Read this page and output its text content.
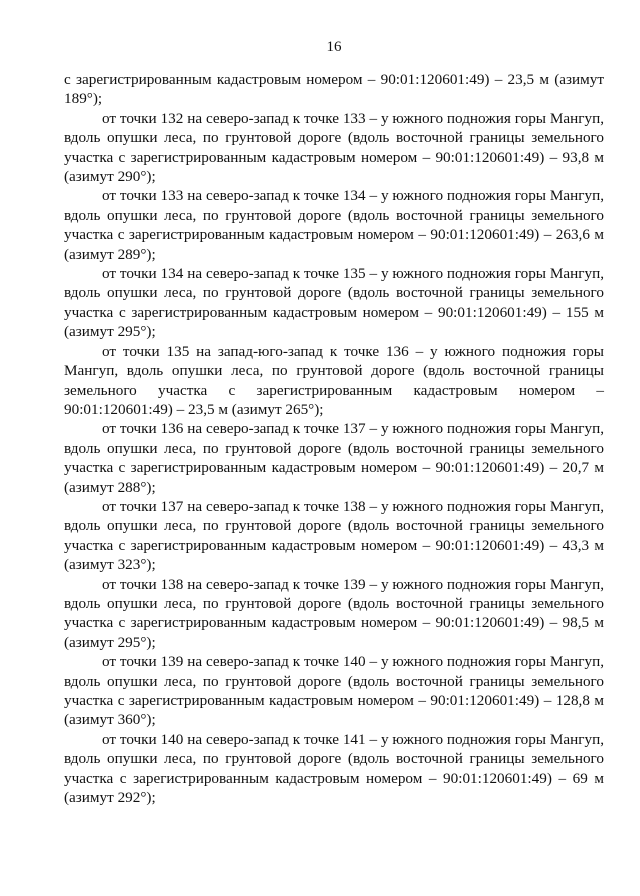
16

с зарегистрированным кадастровым номером – 90:01:120601:49) – 23,5 м (азимут 189°);

от точки 132 на северо-запад к точке 133 – у южного подножия горы Мангуп, вдоль опушки леса, по грунтовой дороге (вдоль восточной границы земельного участка с зарегистрированным кадастровым номером – 90:01:120601:49) – 93,8 м (азимут 290°);

от точки 133 на северо-запад к точке 134 – у южного подножия горы Мангуп, вдоль опушки леса, по грунтовой дороге (вдоль восточной границы земельного участка с зарегистрированным кадастровым номером – 90:01:120601:49) – 263,6 м (азимут 289°);

от точки 134 на северо-запад к точке 135 – у южного подножия горы Мангуп, вдоль опушки леса, по грунтовой дороге (вдоль восточной границы земельного участка с зарегистрированным кадастровым номером – 90:01:120601:49) – 155 м (азимут 295°);

от точки 135 на запад-юго-запад к точке 136 – у южного подножия горы Мангуп, вдоль опушки леса, по грунтовой дороге (вдоль восточной границы земельного участка с зарегистрированным кадастровым номером – 90:01:120601:49) – 23,5 м (азимут 265°);

от точки 136 на северо-запад к точке 137 – у южного подножия горы Мангуп, вдоль опушки леса, по грунтовой дороге (вдоль восточной границы земельного участка с зарегистрированным кадастровым номером – 90:01:120601:49) – 20,7 м (азимут 288°);

от точки 137 на северо-запад к точке 138 – у южного подножия горы Мангуп, вдоль опушки леса, по грунтовой дороге (вдоль восточной границы земельного участка с зарегистрированным кадастровым номером – 90:01:120601:49) – 43,3 м (азимут 323°);

от точки 138 на северо-запад к точке 139 – у южного подножия горы Мангуп, вдоль опушки леса, по грунтовой дороге (вдоль восточной границы земельного участка с зарегистрированным кадастровым номером – 90:01:120601:49) – 98,5 м (азимут 295°);

от точки 139 на северо-запад к точке 140 – у южного подножия горы Мангуп, вдоль опушки леса, по грунтовой дороге (вдоль восточной границы земельного участка с зарегистрированным кадастровым номером – 90:01:120601:49) – 128,8 м (азимут 360°);

от точки 140 на северо-запад к точке 141 – у южного подножия горы Мангуп, вдоль опушки леса, по грунтовой дороге (вдоль восточной границы земельного участка с зарегистрированным кадастровым номером – 90:01:120601:49) – 69 м (азимут 292°);
